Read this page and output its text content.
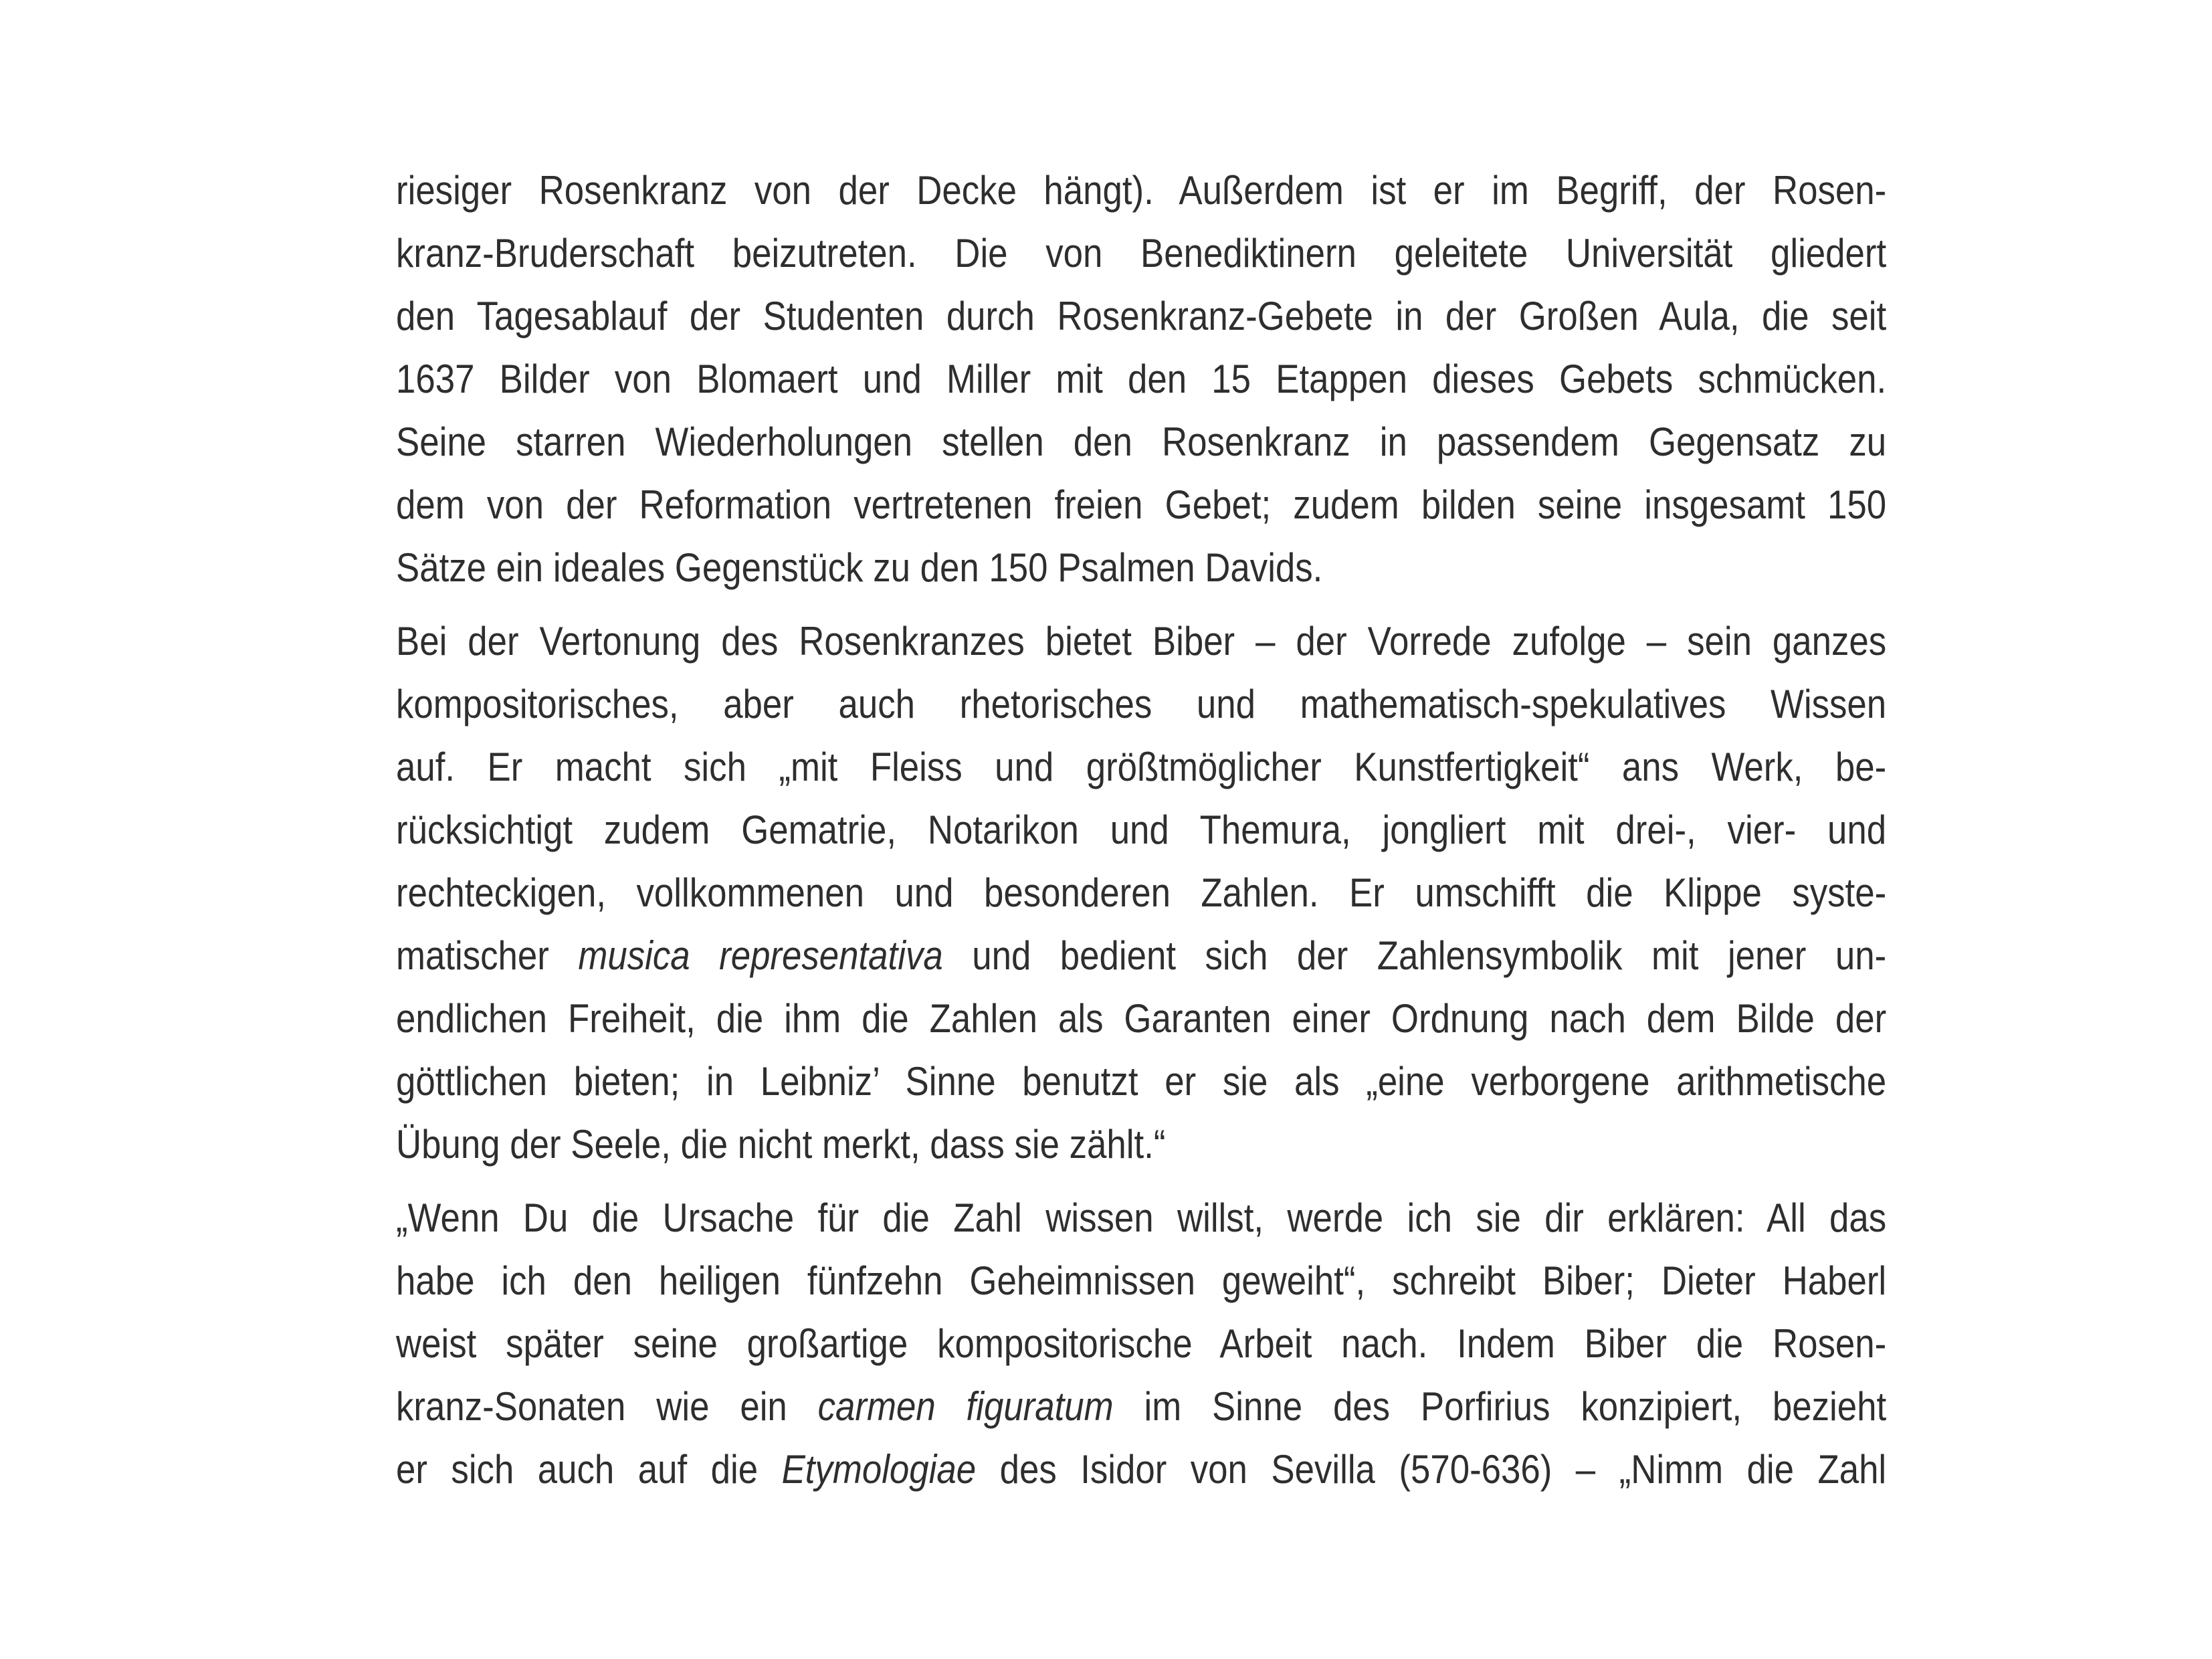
riesiger Rosenkranz von der Decke hängt). Außerdem ist er im Begriff, der Rosen-
kranz-Bruderschaft beizutreten. Die von Benediktinern geleitete Universität gliedert
den Tagesablauf der Studenten durch Rosenkranz-Gebete in der Großen Aula, die seit
1637 Bilder von Blomaert und Miller mit den 15 Etappen dieses Gebets schmücken.
Seine starren Wiederholungen stellen den Rosenkranz in passendem Gegensatz zu
dem von der Reformation vertretenen freien Gebet; zudem bilden seine insgesamt 150
Sätze ein ideales Gegenstück zu den 150 Psalmen Davids.
Bei der Vertonung des Rosenkranzes bietet Biber – der Vorrede zufolge – sein ganzes
kompositorisches, aber auch rhetorisches und mathematisch-spekulatives Wissen
auf. Er macht sich „mit Fleiss und größtmöglicher Kunstfertigkeit“ ans Werk, be-
rücksichtigt zudem Gematrie, Notarikon und Themura, jongliert mit drei-, vier- und
rechteckigen, vollkommenen und besonderen Zahlen. Er umschifft die Klippe syste-
matischer musica representativa und bedient sich der Zahlensymbolik mit jener un-
endlichen Freiheit, die ihm die Zahlen als Garanten einer Ordnung nach dem Bilde der
göttlichen bieten; in Leibniz’ Sinne benutzt er sie als „eine verborgene arithmetische
Übung der Seele, die nicht merkt, dass sie zählt.“
„Wenn Du die Ursache für die Zahl wissen willst, werde ich sie dir erklären: All das
habe ich den heiligen fünfzehn Geheimnissen geweiht“, schreibt Biber; Dieter Haberl
weist später seine großartige kompositorische Arbeit nach. Indem Biber die Rosen-
kranz-Sonaten wie ein carmen figuratum im Sinne des Porfirius konzipiert, bezieht
er sich auch auf die Etymologiae des Isidor von Sevilla (570-636) – „Nimm die Zahl
